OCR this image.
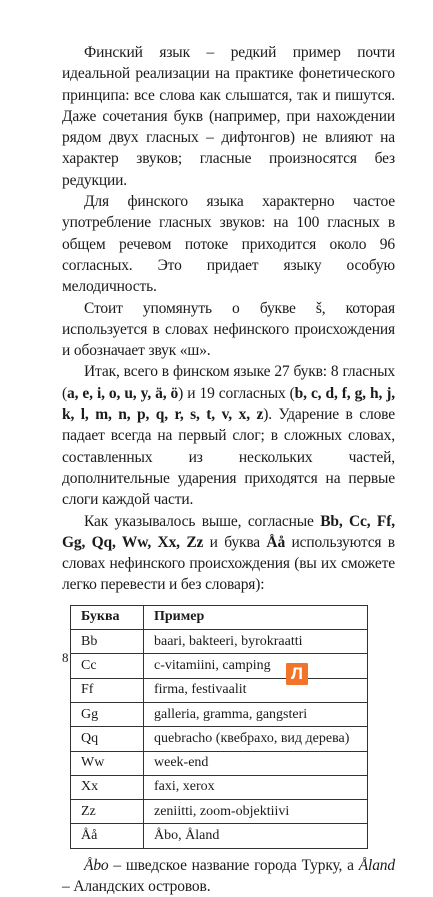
Финский язык – редкий пример почти идеальной реализации на практике фонетического принципа: все слова как слышатся, так и пишутся. Даже сочетания букв (например, при нахождении рядом двух гласных – дифтонгов) не влияют на характер звуков; гласные произносятся без редукции.

Для финского языка характерно частое употребление гласных звуков: на 100 гласных в общем речевом потоке приходится около 96 согласных. Это придает языку особую мелодичность.

Стоит упомянуть о букве š, которая используется в словах нефинского происхождения и обозначает звук «ш».

Итак, всего в финском языке 27 букв: 8 гласных (a, e, i, o, u, y, ä, ö) и 19 согласных (b, c, d, f, g, h, j, k, l, m, n, p, q, r, s, t, v, x, z). Ударение в слове падает всегда на первый слог; в сложных словах, составленных из нескольких частей, дополнительные ударения приходятся на первые слоги каждой части.

Как указывалось выше, согласные Bb, Cc, Ff, Gg, Qq, Ww, Xx, Zz и буква Åå используются в словах нефинского происхождения (вы их сможете легко перевести и без словаря):

Буква	Пример
Bb	baari, bakteeri, byrokraatti
Cc	c-vitamiini, camping
Ff	firma, festivaalit
Gg	galleria, gramma, gangsteri
Qq	quebracho (квебрахо, вид дерева)
Ww	week-end
Xx	faxi, xerox
Zz	zeniitti, zoom-objektiivi
Åå	Åbo, Åland

Åbo – шведское название города Турку, а Åland – Аландских островов.

8
Л
